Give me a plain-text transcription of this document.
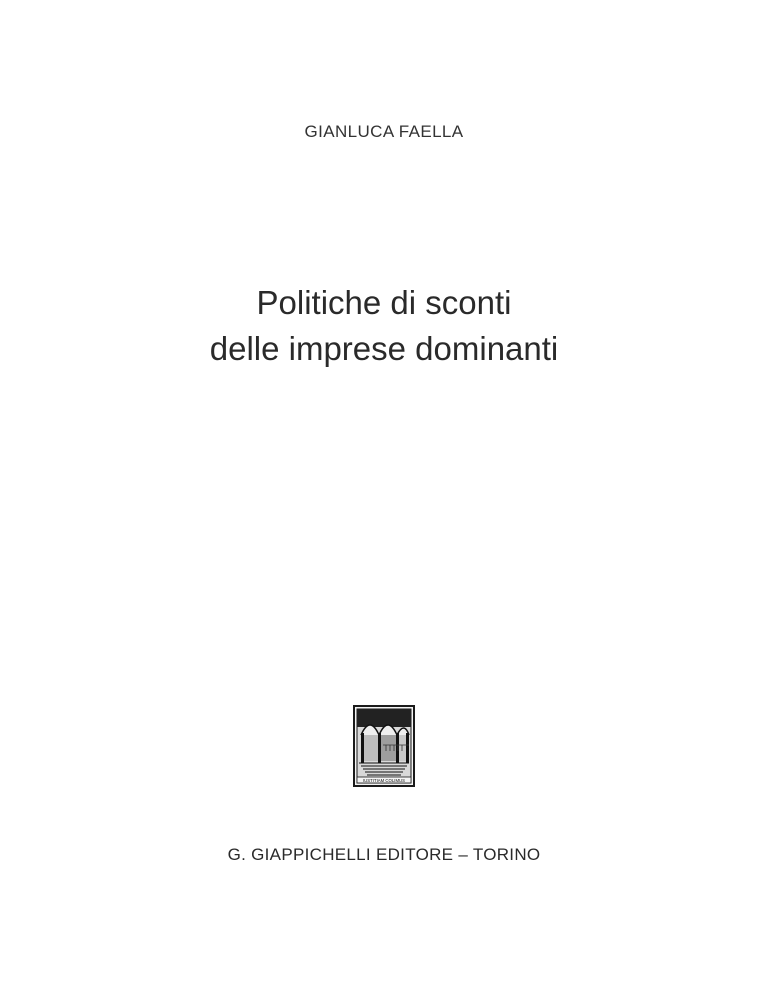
GIANLUCA FAELLA
Politiche di sconti
delle imprese dominanti
IUSTITIAM COLIMUS
G. GIAPPICHELLI EDITORE – TORINO
